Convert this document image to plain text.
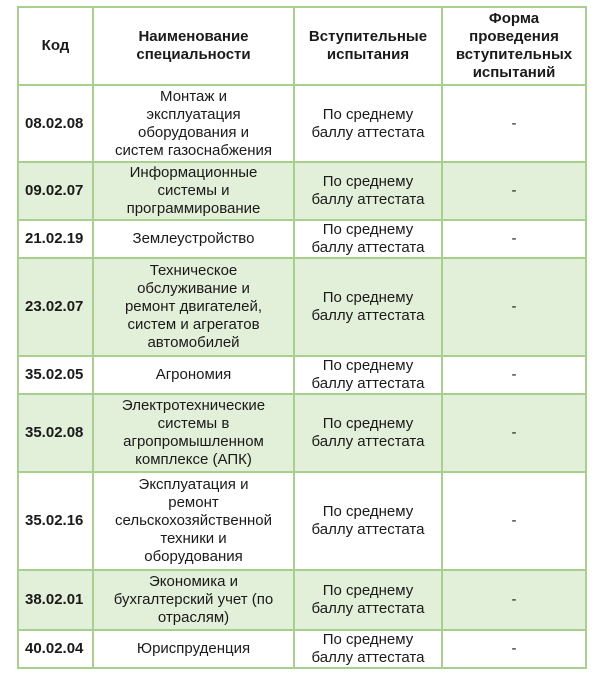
Код	Наименование
специальности	Вступительные
испытания	Форма
проведения
вступительных
испытаний
08.02.08	Монтаж и
эксплуатация
оборудования и
систем газоснабжения	По среднему
баллу аттестата	-
09.02.07	Информационные
системы и
программирование	По среднему
баллу аттестата	-
21.02.19	Землеустройство	По среднему
баллу аттестата	-
23.02.07	Техническое
обслуживание и
ремонт двигателей,
систем и агрегатов
автомобилей	По среднему
баллу аттестата	-
35.02.05	Агрономия	По среднему
баллу аттестата	-
35.02.08	Электротехнические
системы в
агропромышленном
комплексе (АПК)	По среднему
баллу аттестата	-
35.02.16	Эксплуатация и
ремонт
сельскохозяйственной
техники и
оборудования	По среднему
баллу аттестата	-
38.02.01	Экономика и
бухгалтерский учет (по
отраслям)	По среднему
баллу аттестата	-
40.02.04	Юриспруденция	По среднему
баллу аттестата	-
